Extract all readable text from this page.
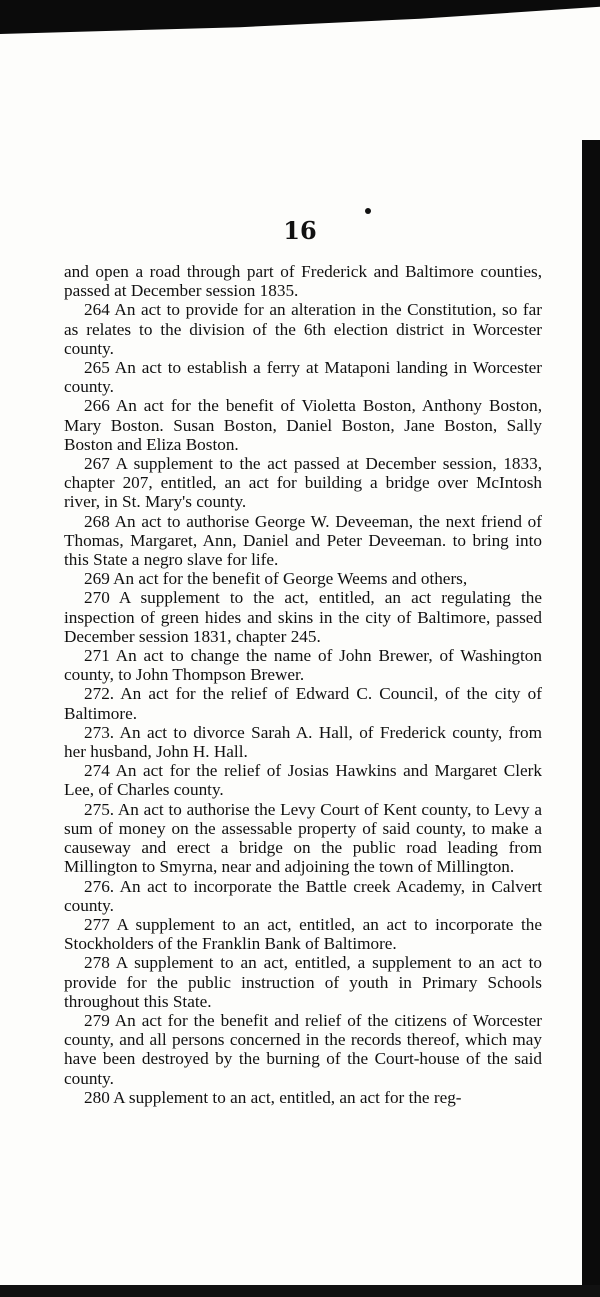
16

and open a road through part of Frederick and Baltimore counties, passed at December session 1835.

264 An act to provide for an alteration in the Constitution, so far as relates to the division of the 6th election district in Worcester county.

265 An act to establish a ferry at Mataponi landing in Worcester county.

266 An act for the benefit of Violetta Boston, Anthony Boston, Mary Boston. Susan Boston, Daniel Boston, Jane Boston, Sally Boston and Eliza Boston.

267 A supplement to the act passed at December session, 1833, chapter 207, entitled, an act for building a bridge over McIntosh river, in St. Mary's county.

268 An act to authorise George W. Deveeman, the next friend of Thomas, Margaret, Ann, Daniel and Peter Deveeman. to bring into this State a negro slave for life.

269 An act for the benefit of George Weems and others,

270 A supplement to the act, entitled, an act regulating the inspection of green hides and skins in the city of Baltimore, passed December session 1831, chapter 245.

271 An act to change the name of John Brewer, of Washington county, to John Thompson Brewer.

272. An act for the relief of Edward C. Council, of the city of Baltimore.

273. An act to divorce Sarah A. Hall, of Frederick county, from her husband, John H. Hall.

274 An act for the relief of Josias Hawkins and Margaret Clerk Lee, of Charles county.

275. An act to authorise the Levy Court of Kent county, to Levy a sum of money on the assessable property of said county, to make a causeway and erect a bridge on the public road leading from Millington to Smyrna, near and adjoining the town of Millington.

276. An act to incorporate the Battle creek Academy, in Calvert county.

277 A supplement to an act, entitled, an act to incorporate the Stockholders of the Franklin Bank of Baltimore.

278 A supplement to an act, entitled, a supplement to an act to provide for the public instruction of youth in Primary Schools throughout this State.

279 An act for the benefit and relief of the citizens of Worcester county, and all persons concerned in the records thereof, which may have been destroyed by the burning of the Court-house of the said county.

280 A supplement to an act, entitled, an act for the reg-
